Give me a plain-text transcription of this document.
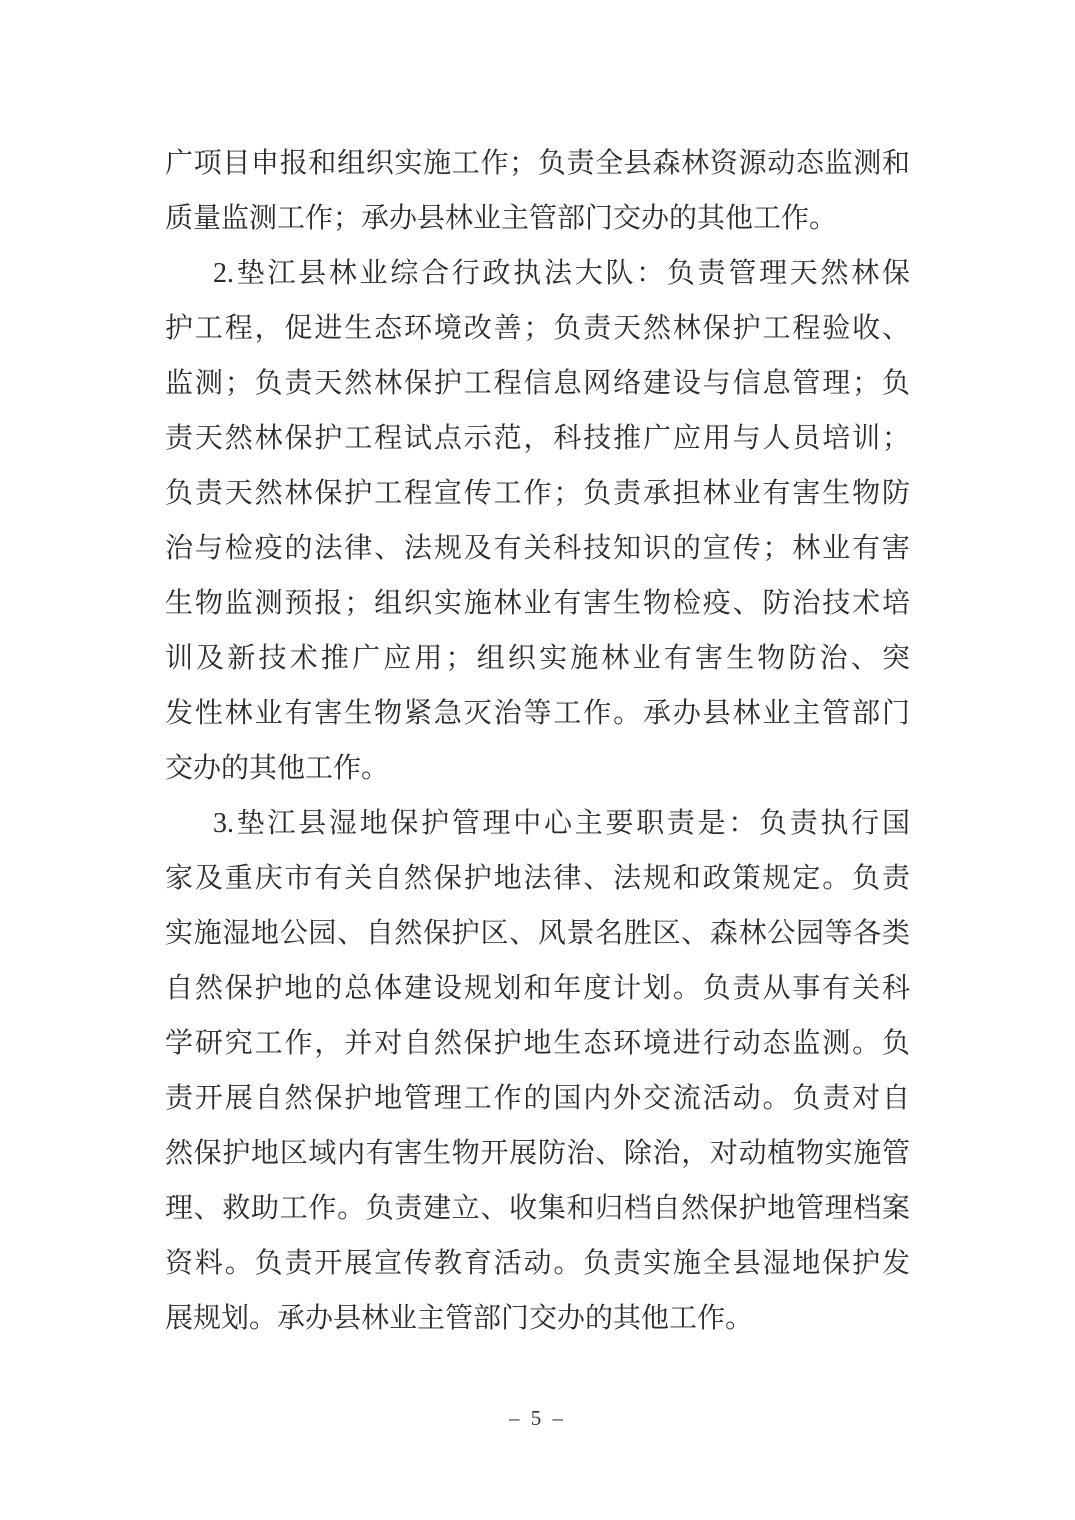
广项目申报和组织实施工作；负责全县森林资源动态监测和
质量监测工作；承办县林业主管部门交办的其他工作。
2.垫江县林业综合行政执法大队：负责管理天然林保
护工程，促进生态环境改善；负责天然林保护工程验收、
监测；负责天然林保护工程信息网络建设与信息管理；负
责天然林保护工程试点示范，科技推广应用与人员培训；
负责天然林保护工程宣传工作；负责承担林业有害生物防
治与检疫的法律、法规及有关科技知识的宣传；林业有害
生物监测预报；组织实施林业有害生物检疫、防治技术培
训及新技术推广应用；组织实施林业有害生物防治、突
发性林业有害生物紧急灭治等工作。承办县林业主管部门
交办的其他工作。
3.垫江县湿地保护管理中心主要职责是：负责执行国
家及重庆市有关自然保护地法律、法规和政策规定。负责
实施湿地公园、自然保护区、风景名胜区、森林公园等各类
自然保护地的总体建设规划和年度计划。负责从事有关科
学研究工作，并对自然保护地生态环境进行动态监测。负
责开展自然保护地管理工作的国内外交流活动。负责对自
然保护地区域内有害生物开展防治、除治，对动植物实施管
理、救助工作。负责建立、收集和归档自然保护地管理档案
资料。负责开展宣传教育活动。负责实施全县湿地保护发
展规划。承办县林业主管部门交办的其他工作。
– 5 –
